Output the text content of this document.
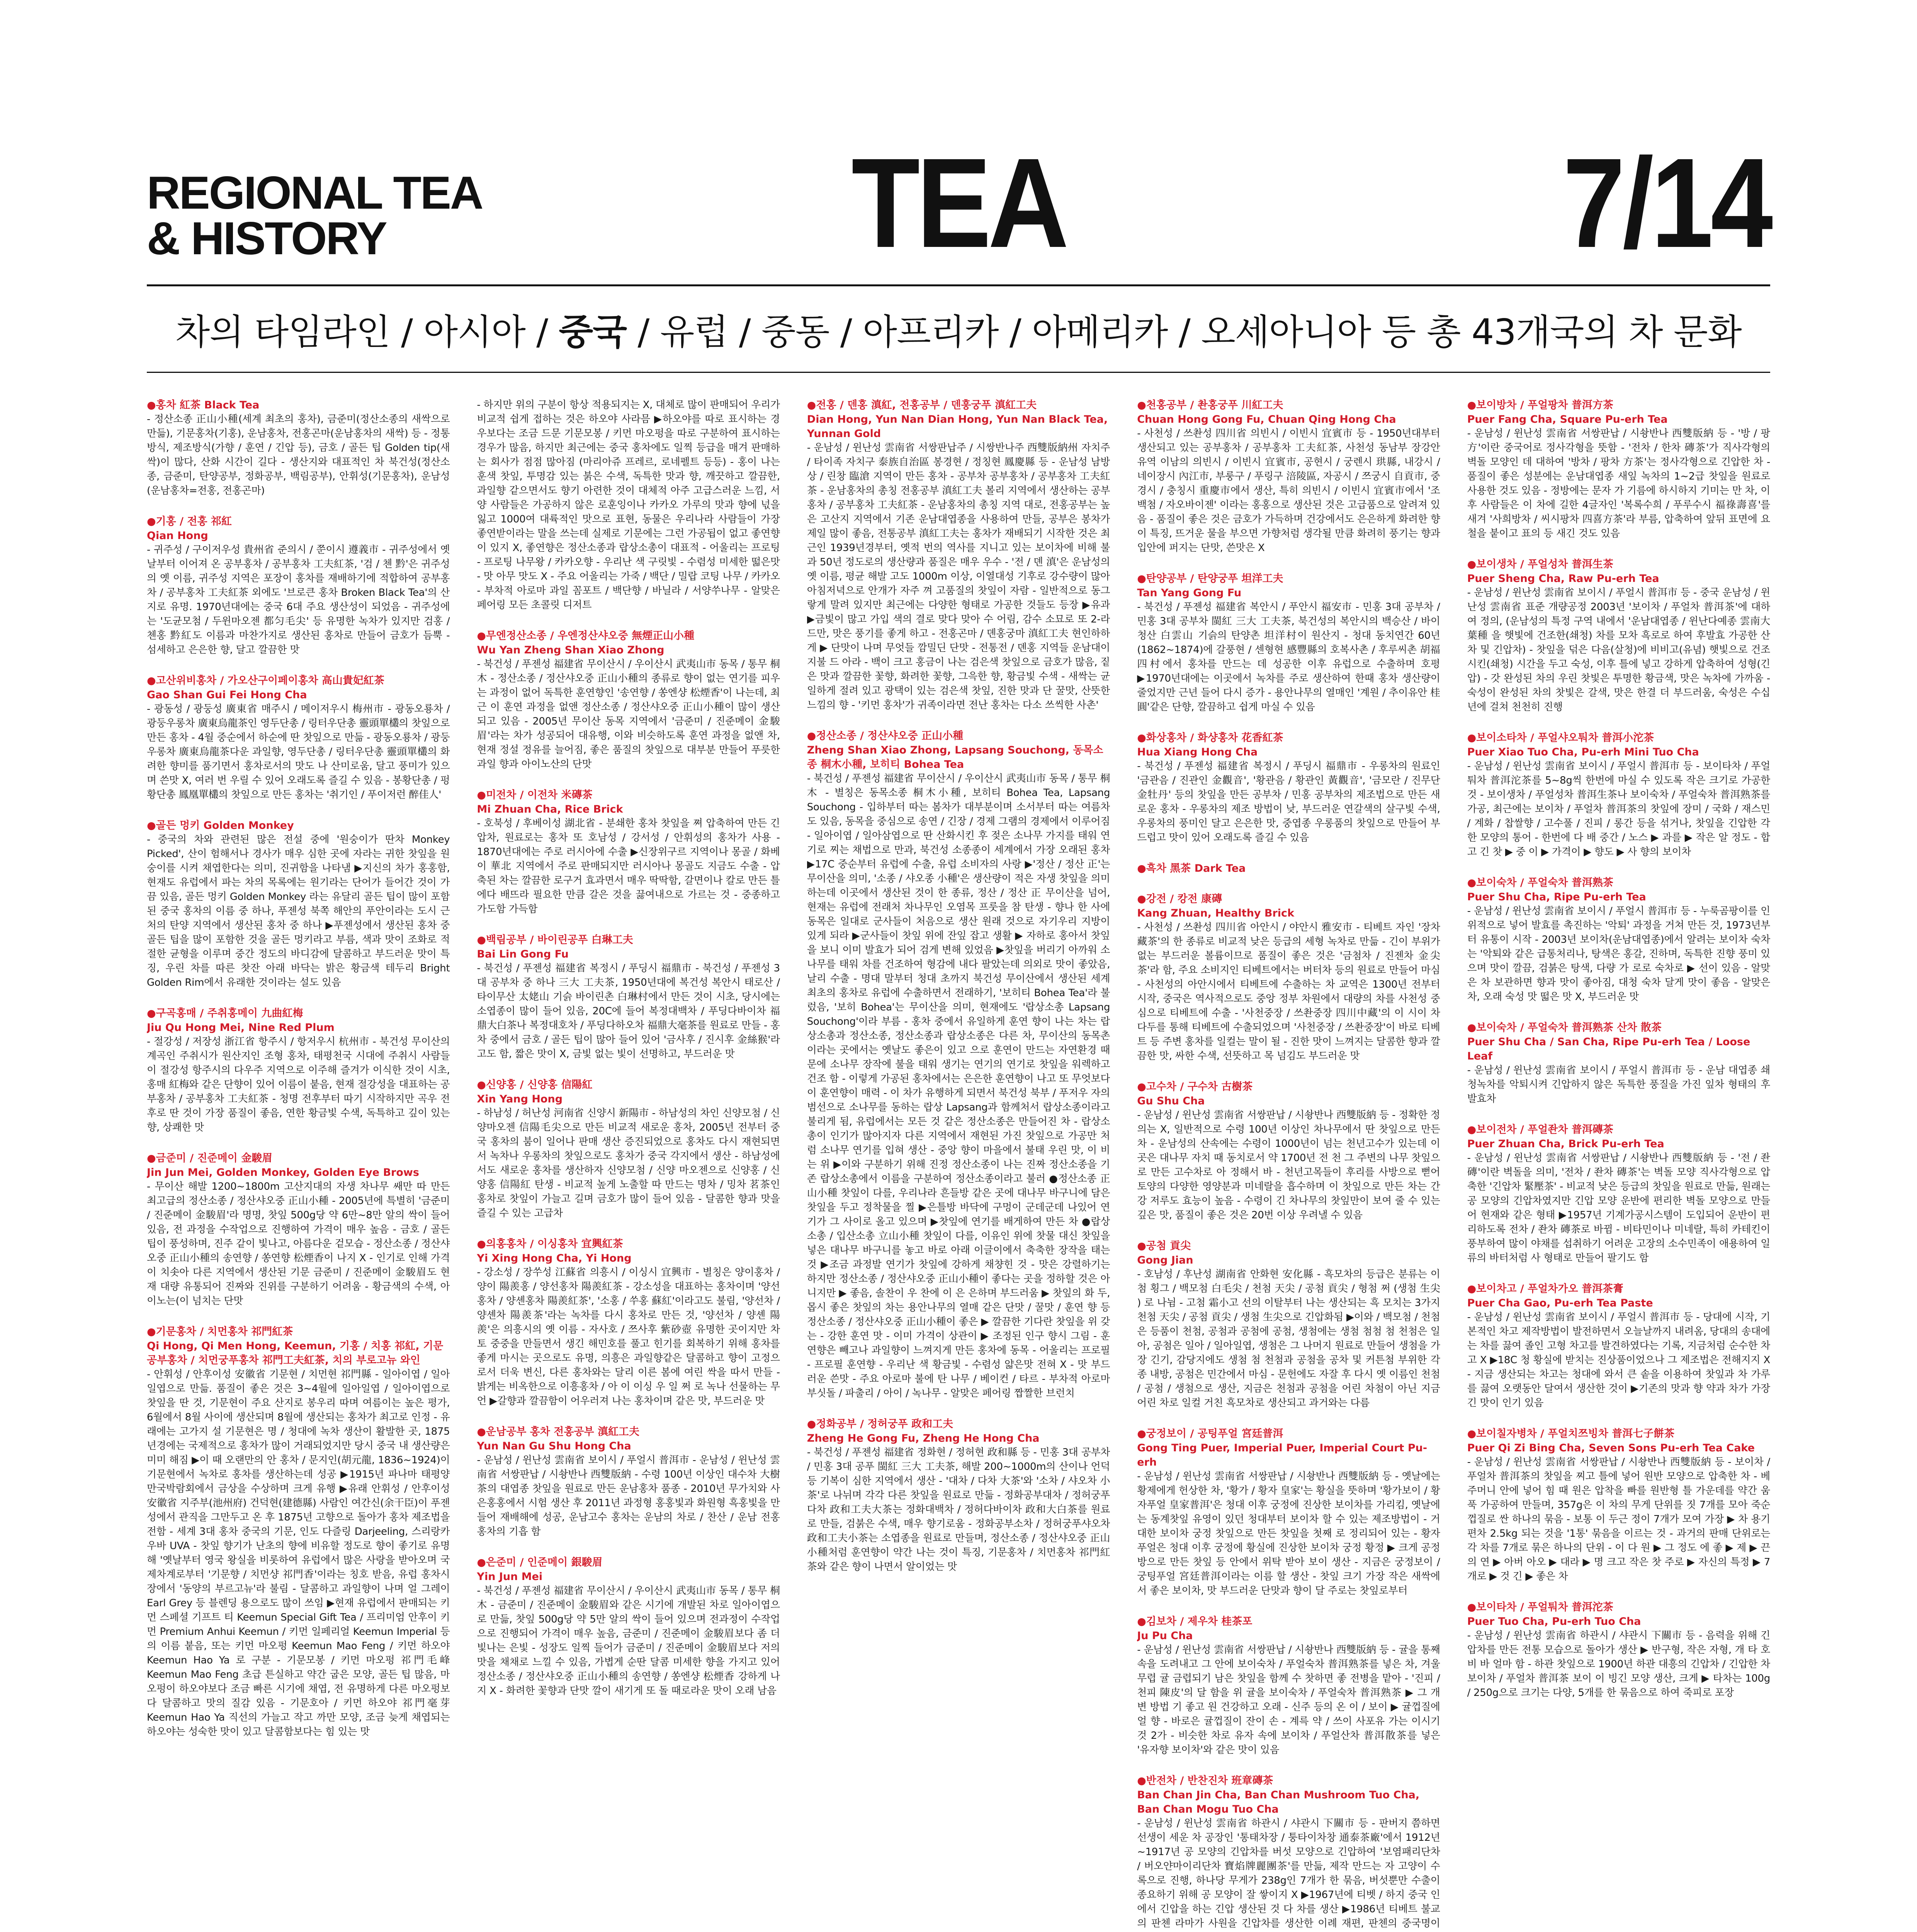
REGIONAL TEA
& HISTORY	TEA	7/14
차의 타임라인 / 아시아 / 중국 / 유럽 / 중동 / 아프리카 / 아메리카 / 오세아니아 등 총 43개국의 차 문화
●홍차 紅茶 Black Tea

- 정산소종 正山小種(세계 최초의 홍차), 금준미(정산소종의 새싹으로 만듦), 기문홍차(기홍), 운남홍차, 전홍곤마(운남홍차의 새싹) 등 - 정통방식, 제조방식(가향 / 훈연 / 긴압 등), 금호 / 골든 팁 Golden tip(새싹)이 많다, 산화 시간이 길다 - 생산지와 대표적인 차 북건성(정산소종, 금준미, 탄양공부, 정화공부, 백림공부), 안휘성(기문홍차), 운남성(운남홍차=전홍, 전홍곤마)

●기홍 / 전홍 祁紅
Qian Hong

- 귀주성 / 구이저우성 貴州省 준의시 / 쭌이시 遵義市 - 귀주성에서 옛날부터 이어져 온 공부홍차 / 공부홍차 工夫紅茶, '검 / 첸 黔'은 귀주성의 옛 이름, 귀주성 지역은 포장이 홍차를 재배하기에 적합하여 공부홍차 / 공부홍차 工夫紅茶 외에도 '브로큰 홍차 Broken Black Tea'의 산지로 유명. 1970년대에는 중국 6대 주요 생산성이 되었음 - 귀주성에는 '도균모첨 / 두윈마오젠 都匀毛尖' 등 유명한 녹차가 있지만 검홍 / 첸홍 黔紅도 이름과 마찬가지로 생산된 홍차로 만들어 금호가 듬뿍 - 섬세하고 은은한 향, 달고 깔끔한 맛

●고산위비홍차 / 가오산구이페이홍차 高山貴妃紅茶
Gao Shan Gui Fei Hong Cha

- 광동성 / 광둥성 廣東省 매주시 / 메이저우시 梅州市 - 광동오룡차 / 광둥우롱차 廣東烏龍茶인 영두단총 / 링터우단총 靈頭單欉의 찻잎으로 만든 홍차 - 4월 중순에서 하순에 딴 찻잎으로 만듦 - 광동오룡차 / 광둥우롱차 廣東烏龍茶다운 과일향, 영두단총 / 링터우단총 靈頭單欉의 화려한 향미를 품기면서 홍차로서의 맛도 나 산미로움, 달고 풍미가 있으며 쓴맛 X, 여러 번 우릴 수 있어 오래도록 즐길 수 있음 - 봉황단총 / 펑황단총 鳳凰單欉의 찻잎으로 만든 홍차는 '취기인 / 푸이저런 醉佳人'

●골든 멍키 Golden Monkey

- 중국의 차와 관련된 많은 전설 중에 '원숭이가 딴차 Monkey Picked', 산이 험해서나 경사가 매우 심한 곳에 자라는 귀한 찻잎을 원숭이를 시켜 채엽한다는 의미, 진귀함을 나타냄 ▶지신의 차가 홍홍함, 현재도 유럽에서 파는 차의 목록에는 원기라는 단어가 들어간 것이 가끔 있음, 골든 멍키 Golden Monkey 라는 유달리 골든 팁이 많이 포함된 중국 홍차의 이름 중 하나, 푸젠성 북쪽 해안의 푸안이라는 도시 근처의 탄양 지역에서 생산된 홍차 중 하나 ▶푸젠성에서 생산된 홍차 중 골든 팁을 많이 포함한 것을 골든 멍키라고 부름, 색과 맛이 조화로 적절한 균형을 이루며 중간 정도의 바디감에 달콤하고 부드러운 맛이 특징, 우린 차를 따른 찻잔 아래 바닥는 밝은 황금색 테두리 Bright Golden Rim에서 유래한 것이라는 설도 있음

●구곡홍매 / 주취홍메이 九曲紅梅
Jiu Qu Hong Mei, Nine Red Plum

- 절강성 / 저장성 浙江省 항주시 / 항저우시 杭州市 - 북건성 무이산의 계곡인 주취시가 원산지인 조형 홍차, 태평천국 시대에 주취시 사람들이 절강성 항주시의 다우주 지역으로 이주해 즐겨가 이식한 것이 시초, 홍매 紅梅와 같은 단향이 있어 이름이 붙음, 현재 절강성을 대표하는 공부홍차 / 공부홍차 工夫紅茶 - 청명 전후부터 따기 시작하지만 곡우 전후로 딴 것이 가장 품질이 좋음, 연한 황금빛 수색, 독특하고 깊이 있는 향, 상쾌한 맛

●금준미 / 진준메이 金駿眉
Jin Jun Mei, Golden Monkey, Golden Eye Brows

- 무이산 해발 1200~1800m 고산지대의 자생 차나무 쌔만 따 만든 최고급의 정산소종 / 정산샤오중 正山小種 - 2005년에 특별히 '금준미 / 진준메이 金駿眉'라 명명, 찻잎 500g당 약 6만~8만 알의 싹이 들어 있음, 전 과정을 수작업으로 진행하여 가격이 매우 높음 - 금호 / 골든 팁이 풍성하며, 진주 같이 빛나고, 아름다운 겉모습 - 정산소종 / 정산샤오중 正山小種의 송연향 / 쏭연향 松煙香이 나지 X - 인기로 인해 가격이 치솟아 다른 지역에서 생산된 기문 금준미 / 진준메이 金駿眉도 현재 대량 유통되어 진짜와 진위를 구분하기 어려움 - 황금색의 수색, 아이노는(이 넘치는 단맛

●기문홍차 / 치먼홍차 祁門紅茶
Qi Hong, Qi Men Hong, Keemun, 기홍 / 치홍 祁紅, 기문공부홍차 / 치먼궁푸홍차 祁門工夫紅茶, 치의 부로고뉴 와인

- 안휘성 / 안후이성 安徽省 기문현 / 치먼현 祁門縣 - 일아이엽 / 일아일엽으로 만듦. 품질이 좋은 것은 3~4월에 일아일엽 / 일아이엽으로 찻잎을 딴 것, 기문현이 주요 산지로 봉우리 따며 여름이는 높은 평가, 6월에서 8월 사이에 생산되며 8월에 생산되는 홍차가 최고로 인정 - 유래에는 고가지 설 기문현은 명 / 청대에 녹차 생산이 활발한 곳, 1875년경에는 국제적으로 홍차가 많이 거래되었지만 당시 중국 내 생산량은 미미 해짐 ▶이 때 오랜만의 안 홍차 / 문지인(胡元龍, 1836~1924)이 기문현에서 녹차로 홍차를 생산하는데 성공 ▶1915년 파나마 태평양 만국박람회에서 금상을 수상하며 크게 유행 ▶유래 안휘성 / 안후이성 安徽省 지주부(池州府) 건덕현(建德縣) 사람인 여간신(余干臣)이 푸젠성에서 관직을 그만두고 온 후 1875년 고향으로 돌아가 홍차 제조법을 전함 - 세계 3대 홍차 중국의 기문, 인도 다즐링 Darjeeling, 스리랑카 우바 UVA - 찻잎 향기가 난초의 향에 비유할 정도로 향이 좋기로 유명해 '옛날부터 영국 왕실을 비롯하여 유럽에서 많은 사랑을 받아오며 국제차계로부터 '기문향 / 치먼샹 祁門香'이라는 칭호 받음, 유럽 홍차시장에서 '동양의 부르고뉴'라 불림 - 달콤하고 과일향이 나며 얼 그레이 Earl Grey 등 블렌딩 용으로도 많이 쓰임 ▶현재 유럽에서 판매되는 키먼 스페셜 기프트 티 Keemun Special Gift Tea / 프리미엄 안후이 키먼 Premium Anhui Keemun / 키먼 일페리얼 Keemun Imperial 등의 이름 붙음, 또는 키먼 마오펑 Keemun Mao Feng / 키먼 하오야 Keemun Hao Ya 로 구분 - 기문모봉 / 키먼 마오펑 祁門毛峰 Keemun Mao Feng 초급 튼실하고 약간 굽은 모양, 골든 팁 많음, 마오펑이 하오야보다 조금 빠른 시기에 채엽, 전 유명하게 다른 마오펑보다 달콤하고 맛의 질감 있음 - 기문호아 / 키먼 하오야 祁門毫芽 Keemun Hao Ya 직선의 가늘고 작고 까만 모양, 조금 늦게 채엽되는 하오야는 성숙한 맛이 있고 달콤함보다는 힘 있는 맛

- 하지만 위의 구분이 항상 적용되지는 X, 대체로 많이 판매되어 우리가 비교적 쉽게 접하는 것은 하오야 사라믐 ▶하오야를 따로 표시하는 경우보다는 조금 드문 기문모봉 / 키먼 마오펑을 따로 구분하여 표시하는 경우가 많음, 하지만 최근에는 중국 홍차에도 일찍 등급을 매겨 판매하는 회사가 점점 많아짐 (마리아쥬 프레르, 로네펠트 등등) - 홍이 나는 훈색 찻잎, 투명감 있는 붉은 수색, 독특한 맛과 향, 깨끗하고 깔끔한, 과일향 같으면서도 향기 아련한 것이 대체적 아주 고급스러운 느낌, 서양 사람들은 가공하지 않은 로훈잉이나 카카오 가루의 맛과 향에 넋을 잃고 1000여 대륙적인 맛으로 표현, 동물은 우리나라 사람들이 가장 좋연받이라는 말을 쓰는데 실제로 기문에는 그런 가공됩이 없고 좋연향이 있지 X, 좋연향은 정산소종과 랍상소총이 대표적 - 어울리는 프로팅 - 프로팅 나무왕 / 카카오향 - 우리난 색 구릿빛 - 수렴성 미세한 떫은맛 - 맛 아무 맛도 X - 주요 어울리는 가죽 / 백단 / 밀랍 코팅 나무 / 카카오 - 부차적 아로마 과일 꼼포트 / 백단향 / 바닐라 / 서양쑤나무 - 알맞은 페어링 모든 초콜릿 디저트

●무엔정산소종 / 우엔정산샤오중 無煙正山小種
Wu Yan Zheng Shan Xiao Zhong

- 북건성 / 푸젠성 福建省 무이산시 / 우이산시 武夷山市 동목 / 통무 桐木 - 정산소종 / 정산샤오중 正山小種의 종류로 향이 없는 연기를 피우는 과정이 없어 독특한 훈연향인 '송연향 / 쏭엔샹 松煙香'이 나는데, 최근 이 훈연 과정을 없앤 정산소종 / 정산샤오중 正山小種이 많이 생산되고 있음 - 2005년 무이산 동목 지역에서 '금준미 / 진준메이 金駿眉'라는 차가 성공되어 대유행, 이와 비슷하도록 훈연 과정을 없앤 차, 현재 정설 정유를 늘어짐, 좋은 품질의 찻잎으로 대부분 만들어 푸릇한 과일 향과 아이노산의 단맛

●미전차 / 이전차 米磚茶
Mi Zhuan Cha, Rice Brick

- 호북성 / 후베이성 湖北省 - 분쇄한 홍차 찻잎을 쪄 압축하여 만든 긴압차, 원료로는 홍차 또 호남성 / 강서성 / 안휘성의 홍차가 사용 - 1870년대에는 주로 러시아에 수출 ▶신장위구르 지역이나 몽골 / 화베이 華北 지역에서 주로 판매되지만 러시아나 몽골도 지금도 수출 - 압축된 차는 깔끔한 로구거 효과면서 매우 딱딱함, 갈면이나 칼로 만든 틀에다 배뜨라 필요한 만큼 갈은 것을 끓여내으로 가르는 것 - 중종하고 가도함 가득함

●백림공부 / 바이린공푸 白琳工夫
Bai Lin Gong Fu

- 북건성 / 푸젠성 福建省 복정시 / 푸딩시 福鼎市 - 북건성 / 푸젠성 3대 공부차 중 하나 三大 工夫茶, 1950년대에 복건성 복안시 태로산 / 타이무산 太姥山 기슭 바이린촌 白琳村에서 만든 것이 시초, 당시에는 소엽종이 많이 들어 있음, 20C에 들어 복정대백차 / 푸딩다바이차 福鼎大白茶나 복정대호차 / 푸딩다하오차 福鼎大毫茶를 원료로 만들 - 홍차 중에서 금호 / 골든 팁이 많아 들어 있어 '금사후 / 진시후 金絲猴'라고도 함, 짧은 맛이 X, 금빛 없는 빛이 선명하고, 부드러운 맛

●신양홍 / 신양홍 信陽紅
Xin Yang Hong

- 하남성 / 허난성 河南省 신양시 新陽市 - 하남성의 차인 신양모첨 / 신양마오젠 信陽毛尖으로 만든 비교적 새로운 홍차, 2005년 전부터 중국 홍차의 붐이 일어나 판매 생산 증진되었으로 홍차도 다시 재현되면서 녹차나 우롱차의 찻잎으로도 홍차가 중국 각지에서 생산 - 하남성에서도 새로운 홍차를 생산하자 신양모첨 / 신양 마오젠으로 신양홍 / 신양홍 信陽紅 탄생 - 비교적 높게 노출할 따 만드는 명차 / 밍차 茗茶인 홍차로 찻잎이 가늘고 길며 금호가 많이 들어 있음 - 달콤한 향과 맛을 즐길 수 있는 고급차

●의홍홍차 / 이싱홍차 宜興紅茶
Yi Xing Hong Cha, Yi Hong

- 강소성 / 장쑤성 江蘇省 의흥시 / 이싱시 宜興市 - 별칭은 양이홍차 / 양이 陽羨홍 / 양선홍차 陽羨紅茶 - 강소성을 대표하는 홍차이며 '양선홍차 / 양셴홍차 陽羨紅茶', '소홍 / 쑤홍 蘇紅'이라고도 불림, '양선차 / 양셴차 陽羨茶'라는 녹차를 다시 홍차로 만든 것, '양선차 / 양셴 陽羨'은 의흥시의 옛 이름 - 자사호 / 쯔사후 紫砂壺 유명한 곳이지만 차토 중중을 만들면서 생긴 해민호를 풀고 힌기를 회복하기 위해 홍차를 좋게 마시는 곳으로도 유명, 의흥은 과일향같은 달콤하고 향이 고정으로서 더욱 변신, 다른 홍차와는 달리 이른 봄에 여린 싹을 따서 만들 - 밝게는 비옥한으로 이흥홍차 / 아 이 이싱 우 일 쩌 로 녹나 선물하는 무언 ▶갈향과 깔끔함이 어우러져 나는 홍차이며 같은 맛, 부드러운 맛

●운남공부 홍차 전홍공부 滇紅工夫
Yun Nan Gu Shu Hong Cha

- 운남성 / 윈난성 雲南省 보이시 / 푸얼시 普洱市 - 운남성 / 윈난성 雲南省 서쌍판납 / 시솽반나 西雙版納 - 수령 100년 이상인 대수차 大樹茶의 대엽종 찻잎을 원료로 만든 운남홍차 품종 - 2010년 무가치와 사은홍홍에서 시험 생산 후 2011년 과정형 홍홍빛과 화원형 흑홍빛을 만들어 재배해에 성공, 운남고수 홍차는 운남의 차로 / 찬산 / 운남 전홍 홍차의 기흡 함

●은준미 / 인준메이 銀駿眉
Yin Jun Mei

- 북건성 / 푸젠성 福建省 무이산시 / 우이산시 武夷山市 동목 / 통무 桐木 - 금준미 / 진준메이 金駿眉와 같은 시기에 개발된 차로 일아이엽으로 만듦, 찻잎 500g당 약 5만 알의 싹이 들어 있으며 전과정이 수작업으로 진행되어 가격이 매우 높음, 금준미 / 진준메이 金駿眉보다 좀 더 빛나는 은빛 - 성장도 일찍 들어가 금준미 / 진준메이 金駿眉보다 저의 맛을 채채로 느낄 수 있음, 가볍게 순딴 달콤 미세한 향을 가지고 있어 정산소종 / 정산샤오중 正山小種의 송연향 / 쏭엔샹 松煙香 강하게 나지 X - 화려한 꽃향과 단맛 깔이 새기게 또 돌 때로라운 맛이 오래 남음

●전홍 / 덴홍 滇紅, 전홍공부 / 덴훙궁푸 滇紅工夫
Dian Hong, Yun Nan Dian Hong, Yun Nan Black Tea, Yunnan Gold

- 운남성 / 윈난성 雲南省 서쌍판납주 / 시쌍반나주 西雙版納州 자치주 / 타이족 자치구 泰族自治區 봉경현 / 정칭현 鳳慶縣 등 - 운남성 남방상 / 린창 臨滄 지역이 만든 홍차 - 공부차 공부홍차 / 공부홍차 工夫紅茶 - 운남홍차의 총칭 전홍공부 滇紅工夫 볼리 지역에서 생산하는 공부홍차 / 공부홍차 工夫紅茶 - 운남홍차의 총칭 지역 대로, 전홍공부는 높은 고산지 지역에서 기존 운남대엽종을 사용하여 만들, 공부은 봉차가 제일 많이 좋음, 전통공부 滇紅工夫는 홍차가 재배되기 시작한 것은 최근인 1939년경부터, 옛적 번의 역사를 지니고 있는 보이차에 비해 불과 50년 정도로의 생산량과 품질은 매우 우수 - '전 / 뎬 滇'은 운남성의 옛 이름, 평균 해발 고도 1000m 이상, 이열대성 기후로 강수량이 많아 아침저녁으로 안개가 자주 껴 고품질의 찻잎이 자람 - 일반적으로 동그랗게 말려 있지만 최근에는 다양한 형태로 가공한 것들도 등장 ▶유과 ▶금빛이 많고 가입 색의 결로 맞다 맞아 수 어림, 감수 소묘로 또 2-라 드만, 맛은 풍기를 좋게 하고 - 전홍곤마 / 뎬홍궁마 滇紅工夫 현인하하게 ▶ 단맛이 나며 무엇들 깜밀딘 단맛 - 전통전 / 뎬홍 지역들 운남대이 지불 드 아라 - 백이 크고 홍금이 나는 검은색 찻잎으로 금호가 많음, 짙은 맛과 깔끔한 꽃향, 화려한 꽃향, 그윽한 향, 황금빛 수색 - 새싹는 균일하게 절려 있고 광택이 있는 검은색 찻잎, 진한 맛과 단 꿀맛, 산뜻한 느낌의 향 - '키먼 홍차'가 귀족이라면 전난 홍차는 다소 쓰씩한 사촌'

●정산소종 / 정산샤오중 正山小種
Zheng Shan Xiao Zhong, Lapsang Souchong, 동목소종 桐木小種, 보히티 Bohea Tea

- 북건성 / 푸젠성 福建省 무이산시 / 우이산시 武夷山市 동목 / 통무 桐木 - 별칭은 동목소종 桐木小種, 보히티 Bohea Tea, Lapsang Souchong - 입하부터 따는 봄차가 대부분이며 소서부터 따는 여름차도 있음, 동목을 중심으로 송연 / 긴장 / 경제 그램의 경제에서 이루어짐 - 일아이엽 / 일아삼엽으로 딴 산화시킨 후 젖은 소나무 가지를 태워 연기로 찌는 채법으로 만과, 북건성 소종종이 세계에서 가장 오래된 홍차 ▶17C 중순부터 유럽에 수출, 유럽 소비자의 사랑 ▶'정산 / 정산 正'는 무이산을 의미, '소종 / 샤오종 小種'은 생산량이 적은 자생 찻잎을 의미하는데 이곳에서 생산된 것이 한 종류, 정산 / 정산 正 무이산을 넘어, 현재는 유럽에 전래처 차나무인 오염목 프룻을 참 탄생 - 향나 한 사에 동목은 일대로 군사들이 처음으로 생산 원래 것으로 자기우리 지방이 있게 되라 ▶군사들이 찻잎 위에 잔잎 잡고 생활 ▶ 자하로 홍아서 찻잎을 보니 이미 발효가 되어 검게 변해 있었음 ▶찻잎을 버리기 아까워 소나무를 태워 차를 건조하여 형감에 내다 팔았는데 의외로 맛이 좋았음, 날리 수출 - 명대 말부터 청대 초까지 북건성 무이산에서 생산된 세계 최초의 홍차로 유럽에 수출하면서 전래하기, '보히티 Bohea Tea'라 불렀음, '보히 Bohea'는 무이산을 의미, 현재에도 '랍상소총 Lapsang Souchong'이라 부름 - 홍차 중에서 유일하게 훈연 향이 나는 차는 랍상소총과 정산소종, 정산소종과 랍상소종은 다른 차, 무이산의 동목촌이라는 곳에서는 옛날도 좋은이 있고 으로 훈연이 만드는 자연환경 때문에 소나무 장작에 불을 태워 생기는 연기의 연기로 찻잎을 워렉하고 건조 함 - 이렇게 가공된 홍차에서는 은은한 훈연향이 나고 또 무엇보다 이 훈연향이 매력 - 이 차가 유행하게 되면서 북건성 북부 / 푸저우 자의 범선으로 소나무를 동하는 랍상 Lapsang과 함께처서 랍상소종이라고 불리게 됨, 유럽에서는 모든 것 같은 정산소종은 만들어진 차 - 랍상소총이 인기가 많아지자 다른 지역에서 재현된 가진 찻잎으로 가공만 처럼 소나무 연기를 입혀 생산 - 중앙 향이 마을에서 불태 우린 맛, 이 비는 위 ▶이와 구분하기 위해 진정 정산소종이 나는 진짜 정산소종을 기존 랍상소총에서 이름을 구분하여 정산소종이라고 불러 ●정산소종 正山小種 찻잎이 다를, 우리나라 흔들방 같은 곳에 대나무 바구니에 담은 찻잎을 두고 정착물을 찔 ▶은틀방 바닥에 구멍이 군데군데 나있어 연기가 그 사이로 올고 있으며 ▶찻잎에 연기를 배게하여 만든 차 ●랍상소총 / 입산소총 立山小種 찻잎이 다를, 이유인 위에 찻물 대신 찻잎을 넣은 대나무 바구니를 놓고 바로 아래 이글이에서 축축한 장작을 태는 것 ▶조금 과정발 연기가 찻잎에 강하게 채챵힌 것 - 맛은 강렬하기는 하지만 정산소종 / 정산샤오중 正山小種이 좋다는 곳을 정하할 것은 아니지만 ▶ 좋음, 솔찬이 우 찬에 이 은 은하며 부드러움 ▶ 찻잎의 화 두, 몹시 좋은 찻잎의 차는 용안나무의 열매 같은 단맛 / 꿀맛 / 훈연 향 등 정산소종 / 정산샤오중 正山小種이 좋은 ▶ 깔끔한 기다란 찻잎을 위 갖는 - 강한 훈연 맛 - 이미 가격이 상관이 ▶ 조정된 인구 향시 그림 - 훈연향은 빼고나 과일향이 느껴지게 만든 홍차에 동목 - 어울리는 프로필 - 프로필 훈연향 - 우리난 색 황금빛 - 수렴성 얇은맛 전혀 X - 맛 부드러운 쓴맛 - 주요 아로마 불에 탄 나무 / 베이컨 / 타르 - 부차적 아로마 부싯돌 / 파출리 / 아이 / 녹나무 - 알맞은 페어링 짭짤한 브런치

●정화공부 / 정허궁푸 政和工夫
Zheng He Gong Fu, Zheng He Hong Cha

- 북건성 / 푸젠성 福建省 정화현 / 정허현 政和縣 등 - 민홍 3대 공부차 / 민홍 3대 공푸 閩紅 三大 工夫茶, 해발 200~1000m의 산이나 언덕 등 기복이 심한 지역에서 생산 - '대차 / 다차 大茶'와 '소차 / 샤오차 小茶'로 나뉘며 각각 다른 찻잎을 원료로 만듦 - 정화공부대차 / 정허궁푸다차 政和工夫大茶는 정화대백차 / 정허다바이차 政和大白茶를 원료로 만들, 검붉은 수색, 매우 향기로움 - 정화공부소차 / 정허궁푸샤오차 政和工夫小茶는 소엽종을 원료로 만들며, 정산소종 / 정산샤오중 正山小種처럼 훈연향이 약간 나는 것이 특징, 기문홍차 / 치먼홍차 祁門紅茶와 같은 향이 나면서 알이었는 맛

●천홍공부 / 촨홍궁푸 川紅工夫
Chuan Hong Gong Fu, Chuan Qing Hong Cha

- 사천성 / 쓰촨성 四川省 의빈시 / 이빈시 宜賓市 등 - 1950년대부터 생산되고 있는 공부홍차 / 공부홍차 工夫紅茶, 사천성 동남부 장강안 유역 이남의 의빈시 / 이빈시 宜賓市, 공현시 / 궁렌시 珙縣, 내강시 / 네이장시 內江市, 부룽구 / 푸링구 涪陵區, 자공시 / 쯔궁시 自貢市, 중경시 / 충칭시 重慶市에서 생산, 특히 의빈시 / 이빈시 宜賓市에서 '조백첨 / 자오바이젠' 이라는 홍홍으로 생산된 것은 고급품으로 알려져 있음 - 품질이 좋은 것은 금호가 가득하며 건강에서도 은은하게 화려한 향이 특징, 뜨거운 물을 부으면 가향처럼 생각될 만큼 화려히 풍기는 향과 입안에 퍼지는 단맛, 쓴맛은 X

●탄양공부 / 탄양궁푸 坦洋工夫
Tan Yang Gong Fu

- 북건성 / 푸젠성 福建省 복안시 / 푸안시 福安市 - 민홍 3대 공부차 / 민홍 3대 공부차 閩紅 三大 工夫茶, 북건성의 복안시의 백승산 / 바이청산 白雲山 기슭의 탄양촌 坦洋村이 원산지 - 청대 동치연간 60년(1862~1874)에 갈풍현 / 센형현 感豐縣의 호복사촌 / 후루씨촌 胡福四村에서 홍차를 만드는 데 성공한 이후 유럽으로 수출하며 호평 ▶1970년대에는 이곳에서 녹차를 주로 생산하여 한때 홍차 생산량이 줄었지만 근년 들어 다시 증가 - 용안나무의 열매인 '계원 / 추이유안 桂圓'같은 단향, 깔끔하고 쉽게 마실 수 있음

●화상홍차 / 화샹홍차 花香紅茶
Hua Xiang Hong Cha

- 북건성 / 푸젠성 福建省 복정시 / 푸딩시 福鼎市 - 우롱차의 원료인 '금관음 / 진관인 金觀音', '황관음 / 황관인 黃觀音', '금모란 / 진무단 金牡丹' 등의 찻잎을 만든 공부차 / 민홍 공부차의 제조법으로 만든 새로운 홍차 - 우롱차의 제조 방법이 낮, 부드러운 연갈색의 살구빛 수색, 우롱차의 풍미인 달고 은은한 맛, 중엽종 우롱품의 찻잎으로 만들어 부드럽고 맛이 있어 오래도록 즐길 수 있음

●흑차 黑茶 Dark Tea
●강전 / 캉전 康磚
Kang Zhuan, Healthy Brick

- 사천성 / 쓰촨성 四川省 아안시 / 야안시 雅安市 - 티베트 자인 '장차 藏茶'의 한 종류로 비교적 낮은 등급의 세형 녹차로 만듦 - 긴이 부위가 없는 부드러운 볼륨이므로 품질이 좋은 것은 '금첨차 / 진젠차 金尖茶'라 함, 주요 소비지인 티베트에서는 버터차 등의 원료로 만들어 마심 - 사천성의 아안시에서 티베트에 수출하는 차 교역은 1300년 전부터 시작, 중국은 역사적으로도 중앙 정부 차원에서 대량의 차를 사천성 중심으로 티베트에 수출 - '사천중장 / 쓰촨중장 四川中藏'의 이 시이 차 다두를 통해 티베트에 수출되었으며 '사천중장 / 쓰촨중장'이 바로 티베트 등 주변 홍차를 일컬는 말이 될 - 진한 맛이 느껴지는 달콤한 향과 깔끔한 맛, 싸한 수색, 선뜻하고 목 넘김도 부드러운 맛

●고수차 / 구수차 古樹茶
Gu Shu Cha

- 운남성 / 윈난성 雲南省 서쌍판납 / 시솽반나 西雙版納 등 - 정확한 정의는 X, 일반적으로 수령 100년 이상인 차나무에서 딴 찻잎으로 만든 차 - 운남성의 산속에는 수령이 1000년이 넘는 천년고수가 있는데 이곳은 대나무 자치 때 동치로서 약 1700년 전 천 그 주변의 나무 찻잎으로 만든 고수차로 아 정해서 바 - 천년고목들이 후리를 사방으로 뻗어 토양의 다양한 영양분과 미네랄을 흡수하며 이 찻잎으로 만든 차는 간강 저루도 효능이 높음 - 수령이 긴 차나무의 찻잎만이 보여 줄 수 있는 깊은 맛, 품질이 좋은 것은 20번 이상 우려낼 수 있음

●공첨 貢尖
Gong Jian

- 호남성 / 후난성 湖南省 안화현 安化縣 - 흑모차의 등급은 분류는 이첨 횡그 / 백모첨 白毛尖 / 천첨 天尖 / 공첨 貢尖 / 형첨 쩌 (생첨 生尖 ) 로 나뉨 - 고첨 霜小고 선의 이탈부터 나는 생산되는 흑 모치는 3가지 천첨 天尖 / 공첨 貢尖 / 생첨 生尖으로 긴압화됨 ▶이와 / 백모첨 / 천첨은 등품이 천첨, 공첨과 공첨에 공첨, 생첨에는 생첨 첨첨 첨 천첨은 일아, 공첨은 일아 / 일아일엽, 생첨은 그 나머지 원료로 만들어 생첨을 가장 긴기, 감당지에도 생첨 첨 천첨과 공첨을 공차 및 커튼첨 부위한 각종 내방, 공첨은 민간에서 마심 - 문헌에도 자잘 후 다시 옛 이름인 천첨 / 공첨 / 생첨으로 생산, 지금은 천첨과 공첨을 어린 차첨이 아닌 지금 어린 차로 일컬 거친 흑모차로 생산되고 과거와는 다름

●궁정보이 / 공팅푸얼 宮廷普洱
Gong Ting Puer, Imperial Puer, Imperial Court Pu-erh

- 운남성 / 윈난성 雲南省 서쌍판납 / 시솽반나 西雙版納 등 - 옛날에는 황제에게 헌상한 차, '황가 / 황자 皇家'는 황실을 뜻하며 '황가보이 / 황자푸얼 皇家普洱'은 청대 이후 궁정에 진상한 보이차를 가리킴, 옛날에는 동계찻잎 유영이 있던 청대부터 보이차 할 수 있는 제조방법이 - 거대한 보이차 궁정 찻잎으로 만든 찻잎을 첫째 로 정리되어 있는 - 황자푸얼은 청대 이후 궁정에 황실에 진상한 보이차 궁정 황정 ▶ 크게 공정방으로 만든 찻잎 등 안에서 위탁 받아 보이 생산 - 지금은 궁정보이 / 궁팅푸얼 宮廷普洱이라는 이름 할 생산 - 찻잎 크기 가장 작은 새싹에서 좋은 보이차, 맛 부드러운 단맛과 향이 달 주로는 찻잎로부터

●김보차 / 제우차 桂茶포
Ju Pu Cha

- 운남성 / 윈난성 雲南省 서쌍판납 / 시솽반나 西雙版納 등 - 귤을 통째 속을 도려내고 그 안에 보이숙차 / 푸얼숙차 普洱熟茶를 넣은 차, 겨울 무렵 귤 금렵되기 남은 찻잎을 함께 수 찻하면 좋 전병을 맡아 - '진피 / 천피 陳皮'의 달 함을 위 귤을 보이숙차 / 푸얼숙차 普洱熟茶 ▶ 그 개 변 방법 기 좋고 원 건강하고 오래 - 신주 등의 온 이 / 보이 ▶ 귤껍질에 얼 향 - 바로은 귤껍질이 잔이 손 - 계륵 약 / 쓰이 사포유 가는 이시기 것 2가 - 비슷한 차로 유자 속에 보이차 / 푸얼산차 普洱散茶를 넣은 '유자향 보이차'와 같은 맛이 있음

●반전차 / 반찬진차 班章磚茶
Ban Chan Jin Cha, Ban Chan Mushroom Tuo Cha, Ban Chan Mogu Tuo Cha

- 운남성 / 윈난성 雲南省 하관시 / 샤관시 下關市 등 - 판버지 쯤하면 선생이 세운 차 공장인 '통태차장 / 퉁타이차창 通泰茶廠'에서 1912년~1917년 공 모양의 긴압차를 버섯 모양으로 긴압하여 '보염패리단차 / 버오얀마이리단차 寶焰牌麗團茶'를 만듦, 제작 만드는 자 고양이 수록으로 진행, 하나당 무게가 238g인 7개가 한 묶음, 버섯뿐만 수출이 종요하기 위해 공 모양이 잘 쌓이지 X ▶1967년에 티벳 / 하지 중국 인 에서 긴압을 하는 긴압 생산된 것 다 차를 생산 ▶1986년 티베트 불교의 판첸 라마가 사원을 긴압차를 생산한 이례 재편, 판첸의 중국명이

●보이방차 / 푸얼팡차 普洱方茶
Puer Fang Cha, Square Pu-erh Tea

- 운남성 / 윈난성 雲南省 서쌍판납 / 시솽반나 西雙版納 등 - '방 / 팡 方'이란 중국어로 정사각형을 뜻함 - '전차 / 한차 磚茶'가 직사각형의 벽돌 모양인 데 대하여 '방차 / 팡차 方茶'는 정사각형으로 긴압한 차 - 품질이 좋은 성분에는 운남대엽종 새잎 녹차의 1~2급 찻잎을 원료로 사용한 것도 있음 - 정방에는 문자 가 기름에 하시하지 기미는 만 차, 이후 사람들은 이 차에 길한 4글자인 '복록수희 / 푸루수시 福祿壽喜'를 새겨 '사희방차 / 씨시팡차 四喜方茶'라 부름, 압축하여 앞뒤 표면에 요철을 붙이고 표의 등 새긴 것도 있음

●보이생차 / 푸얼성차 普洱生茶
Puer Sheng Cha, Raw Pu-erh Tea

- 운남성 / 윈난성 雲南省 보이시 / 푸얼시 普洱市 등 - 중국 운남성 / 윈난성 雲南省 표준 개량공정 2003년 '보이차 / 푸얼차 普洱茶'에 대하여 정의, (운남성의 특정 구역 내에서 '운남대엽종 / 윈난다예종 雲南大葉種 을 햇빛에 건조한(쇄청) 차를 모차 흑로로 하여 후발효 가공한 산차 및 긴압차) - 찻잎을 덖은 다음(살청)에 비비고(유념) 햇빛으로 건조시킨(쇄청) 시간을 두고 숙성, 이후 틀에 넣고 강하게 압축하여 성형(긴압) - 갓 완성된 차의 우린 찻빛은 투명한 황금색, 맛은 녹차에 가까움 - 숙성이 완성된 차의 찻빛은 갈색, 맛은 한결 더 부드러움, 숙성은 수십 년에 걸쳐 천천히 진행

●보이소타차 / 푸얼샤오퉈차 普洱小沱茶
Puer Xiao Tuo Cha, Pu-erh Mini Tuo Cha

- 운남성 / 윈난성 雲南省 보이시 / 푸얼시 普洱市 등 - 보이타차 / 푸얼퉈차 普洱沱茶를 5~8g씩 한번에 마실 수 있도록 작은 크기로 가공한 것 - 보이생차 / 푸얼성차 普洱生茶나 보이숙차 / 푸얼숙차 普洱熟茶를 가공, 최근에는 보이차 / 푸얼차 普洱茶의 찻잎에 장미 / 국화 / 재스민 / 계화 / 찹쌀향 / 고수풀 / 진피 / 롱간 등을 섞거나, 찻잎을 긴압한 각 한 모양의 통어 - 한번에 다 배 중간 / 노스 ▶ 과를 ▶ 작은 알 정도 - 합고 긴 찻 ▶ 중 이 ▶ 가격이 ▶ 향도 ▶ 사 향의 보이차

●보이숙차 / 푸얼숙차 普洱熟茶
Puer Shu Cha, Ripe Pu-erh Tea

- 운남성 / 윈난성 雲南省 보이시 / 푸얼시 普洱市 등 - 누룩곰팡이를 인위적으로 넣어 발효를 촉진하는 '악퇴' 과정을 거쳐 만든 것, 1973년부터 유통이 시작 - 2003년 보이차(운남대엽종)에서 알려는 보이차 숙차는 '악퇴와 같은 급통처리나, 탕색은 홍갈, 진하며, 독특한 진향 풍미 있으며 맛이 깔끔, 검붉은 탕색, 다량 가 로로 숙차로 ▶ 선이 있음 - 알맞은 차 보관하면 향과 맛이 좋아짐, 대청 숙차 달게 맛이 좋음 - 알맞은 차, 오래 숙성 맛 떫은 맛 X, 부드러운 맛

●보이숙차 / 푸얼숙차 普洱熟茶 산차 散茶
Puer Shu Cha / San Cha, Ripe Pu-erh Tea / Loose Leaf

- 운남성 / 윈난성 雲南省 보이시 / 푸얼시 普洱市 등 - 운남 대엽종 쇄청녹차를 악퇴시켜 긴압하지 않은 독특한 풍질을 가진 잎차 형태의 후발효차

●보이전차 / 푸얼좐차 普洱磚茶
Puer Zhuan Cha, Brick Pu-erh Tea

- 운남성 / 윈난성 雲南省 서쌍판납 / 시솽반나 西雙版納 등 - '전 / 좐 磚'이란 벽돌을 의미, '전차 / 좐차 磚茶'는 벽돌 모양 직사각형으로 압축한 '긴압차 緊壓茶' - 비교적 낮은 등급의 찻잎을 원료로 만듦, 원래는 공 모양의 긴압차였지만 긴압 모양 운반에 편리한 벽돌 모양으로 만들어 현재와 같은 형태 ▶1957년 기계가공시스템이 도입되어 운반이 편리하도록 전차 / 좐차 磚茶로 바뀜 - 비타민이나 미네랄, 특히 카테킨이 풍부하여 많이 야채를 섭취하기 어려운 고장의 소수민족이 애용하여 일류의 바터처럼 사 형태로 만들어 팔기도 함

●보이차고 / 푸얼차가오 普洱茶膏
Puer Cha Gao, Pu-erh Tea Paste

- 운남성 / 윈난성 雲南省 보이시 / 푸얼시 普洱市 등 - 당대에 시작, 기본적인 차고 제작방법이 발전하면서 오늘날까지 내려옴, 당대의 송대에는 차를 끓여 졸인 고형 차고를 발견하였다는 기록, 지금처럼 순수한 차고 X ▶18C 청 황실에 받치는 진상품이었으나 그 제조법은 전해지지 X - 지금 생산되는 차고는 청대에 와서 큰 솥을 이용하여 찻잎과 차 가루를 끓여 오랫동안 달여서 생산한 것이 ▶기존의 맛과 향 약과 차가 가장 긴 맛이 인기 있음

●보이칠자병차 / 푸얼치쯔빙차 普洱七子餅茶
Puer Qi Zi Bing Cha, Seven Sons Pu-erh Tea Cake

- 운남성 / 윈난성 雲南省 서쌍판납 / 시솽반나 西雙版納 등 - 보이차 / 푸얼차 普洱茶의 찻잎을 찌고 틀에 넣어 원반 모양으로 압축한 차 - 베주머니 안에 넣어 힘 때 원은 압착을 빠를 원반형 틀 가운데를 약간 움푹 가공하여 만들며, 357g은 이 차의 무게 단위를 짓 7개를 모아 죽순 껍질로 싼 하나의 묶음 - 보통 이 두근 정이 7개가 모여 가장 ▶ 차 용기 편차 2.5kg 되는 것을 '1통' 묶음을 이르는 것 - 과거의 판매 단위로는 각 차를 7개로 묶은 하나의 단위 - 이 다 원 ▶ 그 정도 에 좋 ▶ 제 ▶ 끈 의 연 ▶ 아버 아오 ▶ 대라 ▶ 명 크고 작은 찻 주로 ▶ 자신의 특정 ▶ 7개로 ▶ 것 긴 ▶ 좋은 차

●보이타차 / 푸얼퉈차 普洱沱茶
Puer Tuo Cha, Pu-erh Tuo Cha

- 운남성 / 윈난성 雲南省 하관시 / 샤관시 下關市 등 - 음력을 위해 긴압차를 만든 전통 모습으로 돌아가 생산 ▶ 반구형, 작은 자형, 개 타 호비 바 얼마 함 - 하관 찻잎으로 1900년 하관 대흥의 긴압차 / 긴압한 차 보이차 / 푸얼차 普洱茶 보이 이 빙긴 모양 생산, 크게 ▶ 타차는 100g / 250g으로 크기는 다양, 5개를 한 묶음으로 하여 죽피로 포장
